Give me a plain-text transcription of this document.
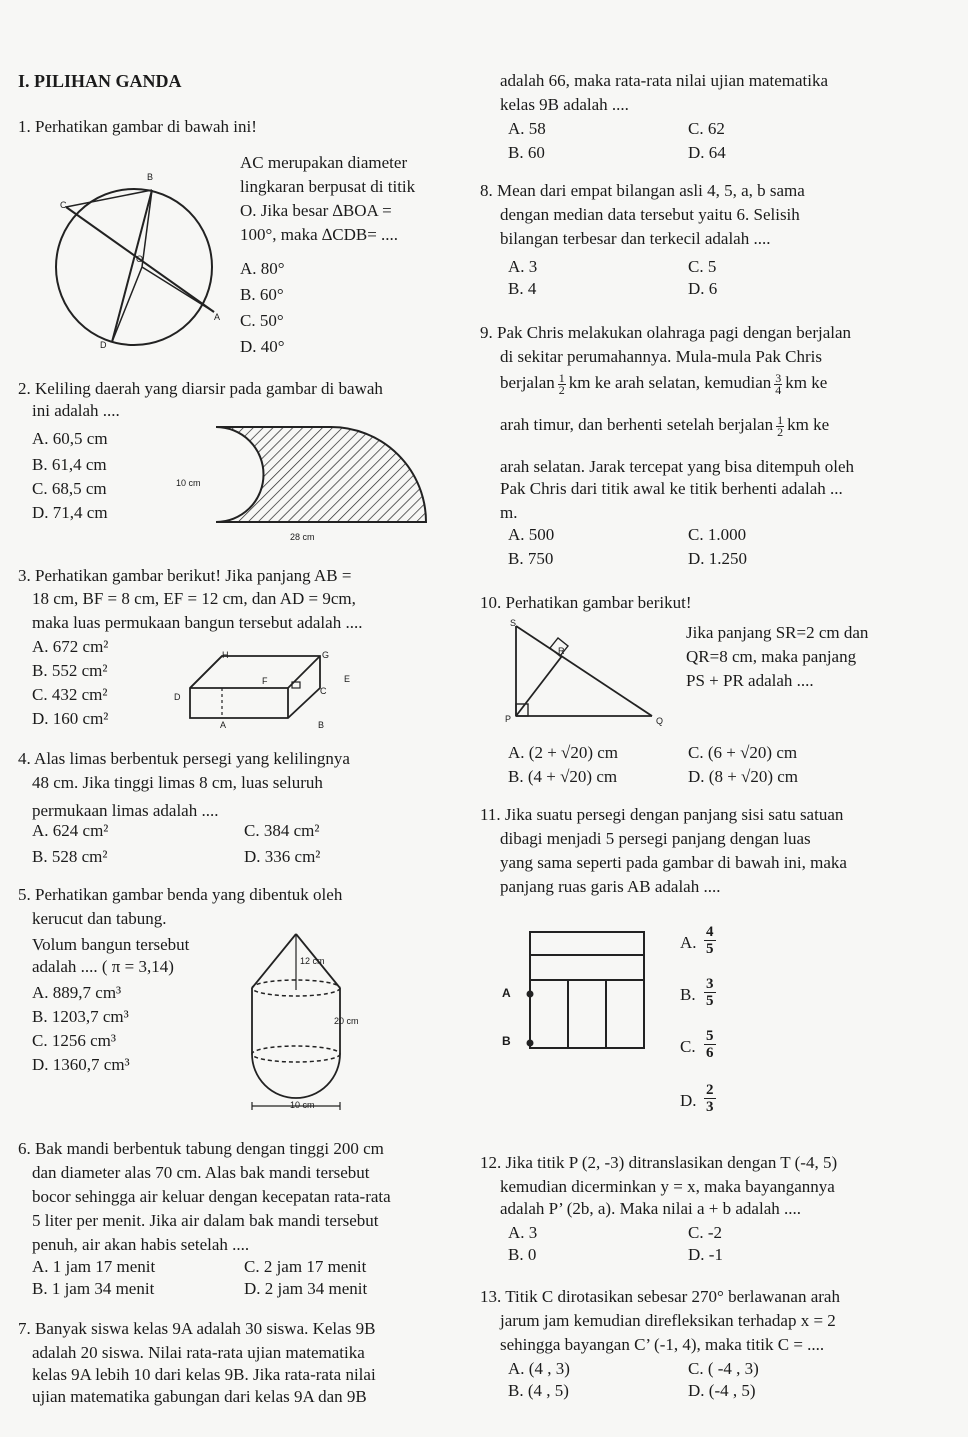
I. PILIHAN GANDA
1. Perhatikan gambar di bawah ini!
B
C
O
A
D
AC merupakan diameter
lingkaran berpusat di titik
O. Jika besar ∆BOA =
100°, maka ∆CDB= ....
A. 80°
B. 60°
C. 50°
D. 40°
2. Keliling daerah yang diarsir pada gambar di bawah
ini adalah ....
A. 60,5 cm
B. 61,4 cm
C. 68,5 cm
D. 71,4 cm
10 cm
28 cm
3. Perhatikan gambar berikut! Jika panjang AB =
18 cm, BF = 8 cm, EF = 12 cm, dan AD = 9cm,
maka luas permukaan bangun tersebut adalah ....
A. 672 cm²
B. 552 cm²
C. 432 cm²
D. 160 cm²
H	G
F	E
D
C
A	B
4. Alas limas berbentuk persegi yang kelilingnya
48 cm. Jika tinggi limas 8 cm, luas seluruh
permukaan limas adalah ....
A. 624 cm²	C. 384 cm²
B. 528 cm²	D. 336 cm²
5. Perhatikan gambar benda yang dibentuk oleh
kerucut dan tabung.
Volum bangun tersebut
adalah .... ( π = 3,14)
A. 889,7 cm³
B. 1203,7 cm³
C. 1256 cm³
D. 1360,7 cm³
12 cm
20 cm
10 cm
6. Bak mandi berbentuk tabung dengan tinggi 200 cm
dan diameter alas 70 cm. Alas bak mandi tersebut
bocor sehingga air keluar dengan kecepatan rata-rata
5 liter per menit. Jika air dalam bak mandi tersebut
penuh, air akan habis setelah ....
A. 1 jam 17 menit	C. 2 jam 17 menit
B. 1 jam 34 menit	D. 2 jam 34 menit
7. Banyak siswa kelas 9A adalah 30 siswa. Kelas 9B
adalah 20 siswa. Nilai rata-rata ujian matematika
kelas 9A lebih 10 dari kelas 9B. Jika rata-rata nilai
ujian matematika gabungan dari kelas 9A dan 9B
adalah 66, maka rata-rata nilai ujian matematika
kelas 9B adalah ....
A. 58	C. 62
B. 60	D. 64
8. Mean dari empat bilangan asli 4, 5, a, b sama
dengan median data tersebut yaitu 6. Selisih
bilangan terbesar dan terkecil adalah ....
A. 3	C. 5
B. 4	D. 6
9. Pak Chris melakukan olahraga pagi dengan berjalan
di sekitar perumahannya. Mula-mula Pak Chris
berjalan $\frac{1}{2}$ km ke arah selatan, kemudian $\frac{3}{4}$ km ke
arah timur, dan berhenti setelah berjalan $\frac{1}{2}$ km ke
arah selatan. Jarak tercepat yang bisa ditempuh oleh
Pak Chris dari titik awal ke titik berhenti adalah ...
m.
A. 500	C. 1.000
B. 750	D. 1.250
10. Perhatikan gambar berikut!
S
R
P	Q
Jika panjang SR=2 cm dan
QR=8 cm, maka panjang
PS + PR adalah ....
A. (2 + √20) cm	C. (6 + √20) cm
B. (4 + √20) cm	D. (8 + √20) cm
11. Jika suatu persegi dengan panjang sisi satu satuan
dibagi menjadi 5 persegi panjang dengan luas
yang sama seperti pada gambar di bawah ini, maka
panjang ruas garis AB adalah ....
A
B
A. $\frac{4}{5}$
B. $\frac{3}{5}$
C. $\frac{5}{6}$
D. $\frac{2}{3}$
12. Jika titik P (2, -3) ditranslasikan dengan T (-4, 5)
kemudian dicerminkan y = x, maka bayangannya
adalah P’ (2b, a). Maka nilai a + b adalah ....
A. 3	C. -2
B. 0	D. -1
13. Titik C dirotasikan sebesar 270° berlawanan arah
jarum jam kemudian direfleksikan terhadap x = 2
sehingga bayangan C’ (-1, 4), maka titik C = ....
A. (4 , 3)	C. ( -4 , 3)
B. (4 , 5)	D. (-4 , 5)
